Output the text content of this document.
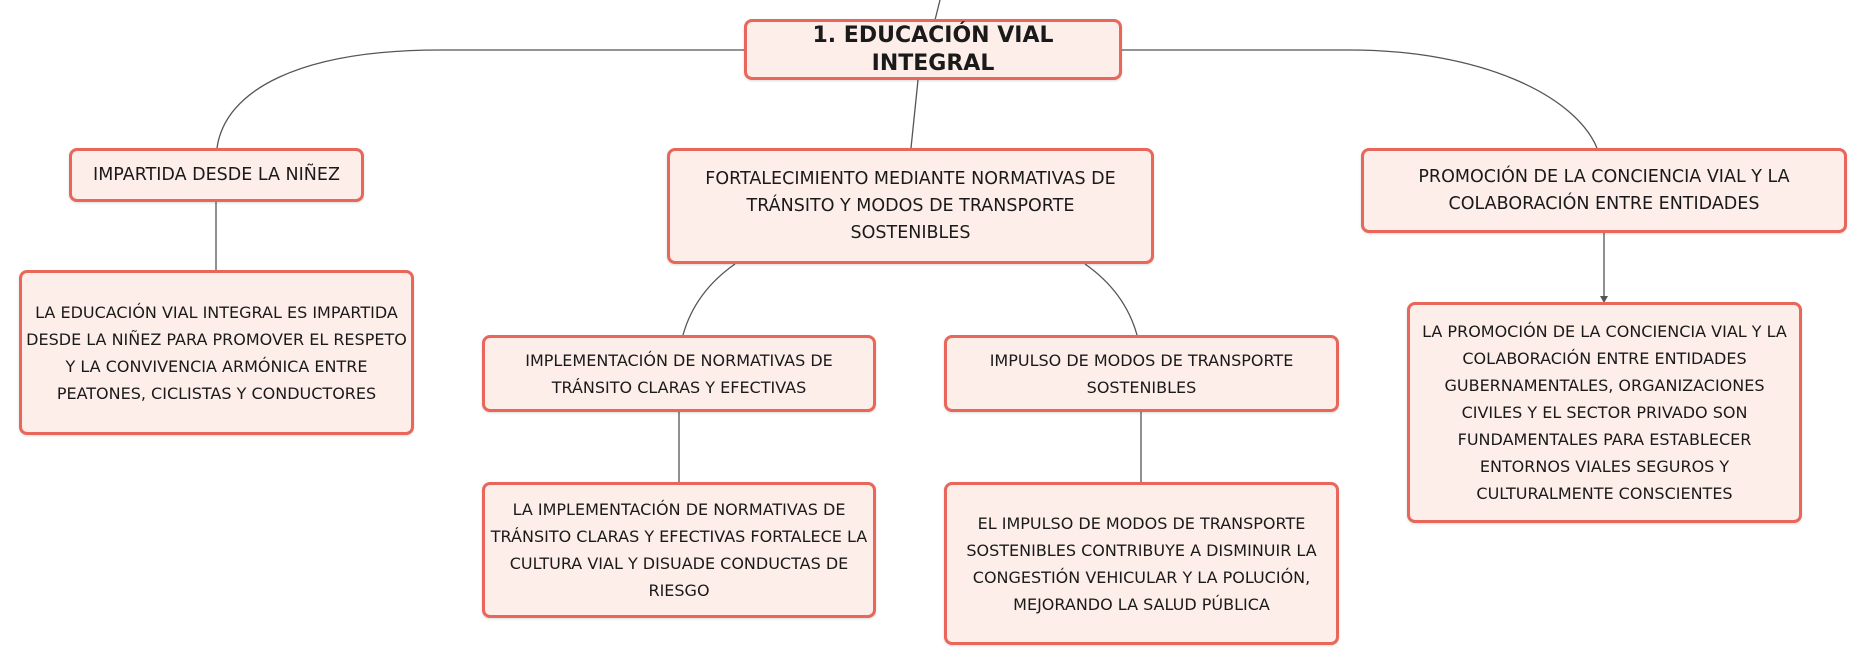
1. EDUCACIÓN VIAL INTEGRAL
IMPARTIDA DESDE LA NIÑEZ	FORTALECIMIENTO MEDIANTE NORMATIVAS DE TRÁNSITO Y MODOS DE TRANSPORTE SOSTENIBLES
PROMOCIÓN DE LA CONCIENCIA VIAL Y LA COLABORACIÓN ENTRE ENTIDADES
LA EDUCACIÓN VIAL INTEGRAL ES IMPARTIDA DESDE LA NIÑEZ PARA PROMOVER EL RESPETO Y LA CONVIVENCIA ARMÓNICA ENTRE PEATONES, CICLISTAS Y CONDUCTORES
IMPLEMENTACIÓN DE NORMATIVAS DE TRÁNSITO CLARAS Y EFECTIVAS
IMPULSO DE MODOS DE TRANSPORTE SOSTENIBLES
LA IMPLEMENTACIÓN DE NORMATIVAS DE TRÁNSITO CLARAS Y EFECTIVAS FORTALECE LA CULTURA VIAL Y DISUADE CONDUCTAS DE RIESGO
EL IMPULSO DE MODOS DE TRANSPORTE SOSTENIBLES CONTRIBUYE A DISMINUIR LA CONGESTIÓN VEHICULAR Y LA POLUCIÓN, MEJORANDO LA SALUD PÚBLICA
LA PROMOCIÓN DE LA CONCIENCIA VIAL Y LA COLABORACIÓN ENTRE ENTIDADES GUBERNAMENTALES, ORGANIZACIONES CIVILES Y EL SECTOR PRIVADO SON FUNDAMENTALES PARA ESTABLECER ENTORNOS VIALES SEGUROS Y CULTURALMENTE CONSCIENTES
